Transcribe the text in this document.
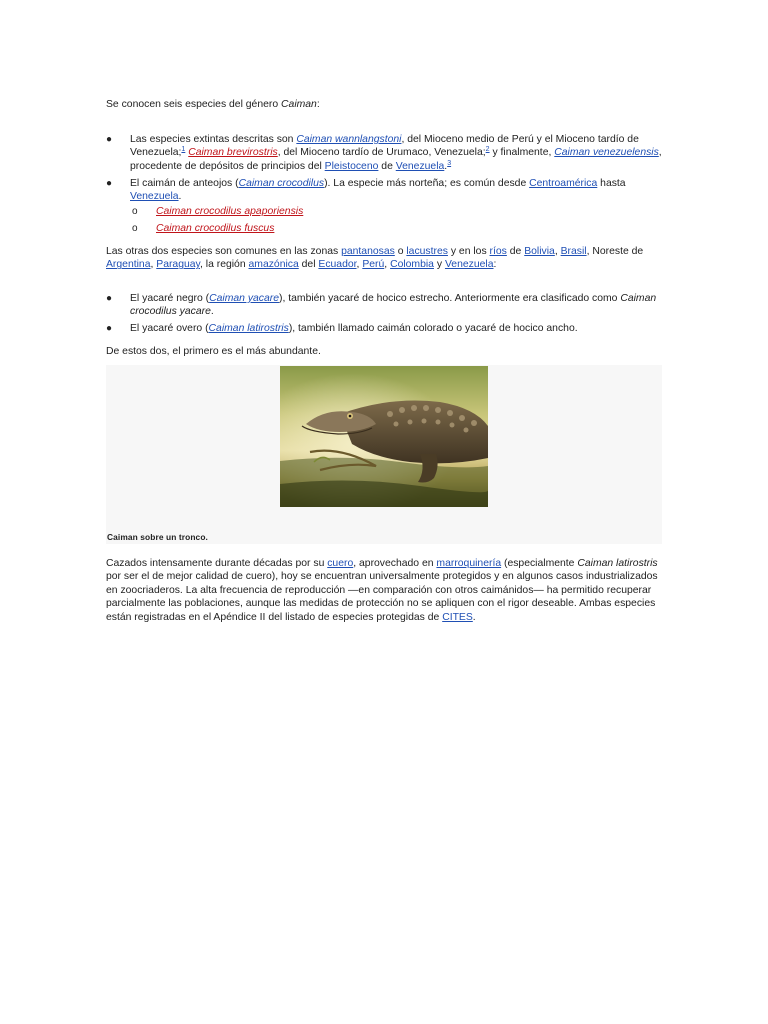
Se conocen seis especies del género Caiman:

● Las especies extintas descritas son Caiman wannlangstoni, del Mioceno medio de Perú y el Mioceno tardío de Venezuela;$^1$ Caiman brevirostris, del Mioceno tardío de Urumaco, Venezuela;$^2$ y finalmente, Caiman venezuelensis, procedente de depósitos de principios del Pleistoceno de Venezuela.$^3$
● El caimán de anteojos (Caiman crocodilus). La especie más norteña; es común desde Centroamérica hasta Venezuela.
o Caiman crocodilus apaporiensis
o Caiman crocodilus fuscus

Las otras dos especies son comunes en las zonas pantanosas o lacustres y en los ríos de Bolivia, Brasil, Noreste de Argentina, Paraguay, la región amazónica del Ecuador, Perú, Colombia y Venezuela:

● El yacaré negro (Caiman yacare), también yacaré de hocico estrecho. Anteriormente era clasificado como Caiman crocodilus yacare.
● El yacaré overo (Caiman latirostris), también llamado caimán colorado o yacaré de hocico ancho.

De estos dos, el primero es el más abundante.

Caiman sobre un tronco.

Cazados intensamente durante décadas por su cuero, aprovechado en marroquinería (especialmente Caiman latirostris por ser el de mejor calidad de cuero), hoy se encuentran universalmente protegidos y en algunos casos industrializados en zoocriaderos. La alta frecuencia de reproducción —en comparación con otros caimánidos— ha permitido recuperar parcialmente las poblaciones, aunque las medidas de protección no se apliquen con el rigor deseable. Ambas especies están registradas en el Apéndice II del listado de especies protegidas de CITES.
